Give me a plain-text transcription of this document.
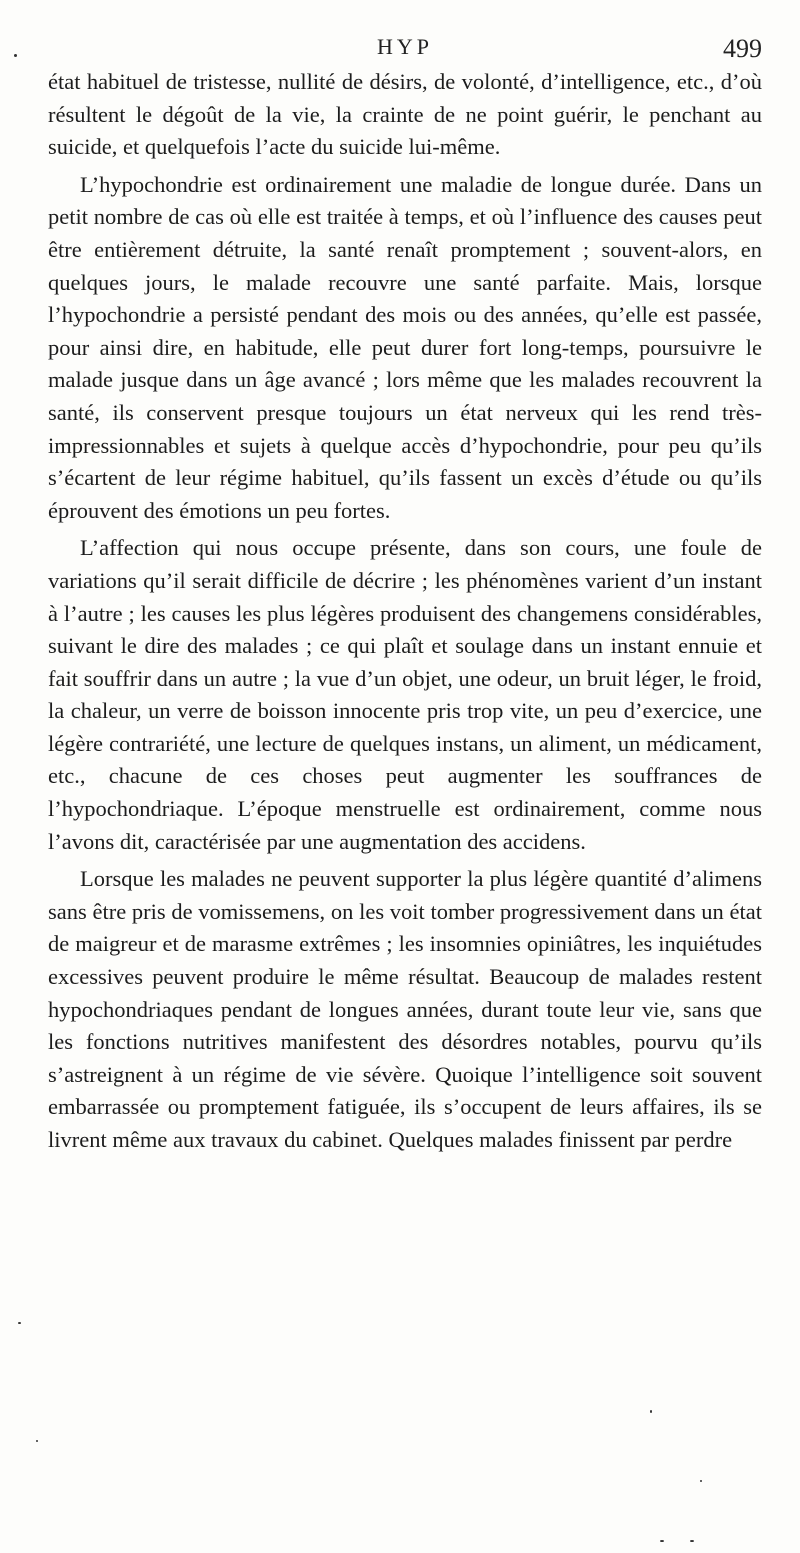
HYP	499

état habituel de tristesse, nullité de désirs, de volonté, d’intelligence, etc., d’où résultent le dégoût de la vie, la crainte de ne point guérir, le penchant au suicide, et quelquefois l’acte du suicide lui-même.

L’hypochondrie est ordinairement une maladie de longue durée. Dans un petit nombre de cas où elle est traitée à temps, et où l’influence des causes peut être entièrement détruite, la santé renaît promptement ; souvent-alors, en quelques jours, le malade recouvre une santé parfaite. Mais, lorsque l’hypochondrie a persisté pendant des mois ou des années, qu’elle est passée, pour ainsi dire, en habitude, elle peut durer fort long-temps, poursuivre le malade jusque dans un âge avancé ; lors même que les malades recouvrent la santé, ils conservent presque toujours un état nerveux qui les rend très-impressionnables et sujets à quelque accès d’hypochondrie, pour peu qu’ils s’écartent de leur régime habituel, qu’ils fassent un excès d’étude ou qu’ils éprouvent des émotions un peu fortes.

L’affection qui nous occupe présente, dans son cours, une foule de variations qu’il serait difficile de décrire ; les phénomènes varient d’un instant à l’autre ; les causes les plus légères produisent des changemens considérables, suivant le dire des malades ; ce qui plaît et soulage dans un instant ennuie et fait souffrir dans un autre ; la vue d’un objet, une odeur, un bruit léger, le froid, la chaleur, un verre de boisson innocente pris trop vite, un peu d’exercice, une légère contrariété, une lecture de quelques instans, un aliment, un médicament, etc., chacune de ces choses peut augmenter les souffrances de l’hypochondriaque. L’époque menstruelle est ordinairement, comme nous l’avons dit, caractérisée par une augmentation des accidens.

Lorsque les malades ne peuvent supporter la plus légère quantité d’alimens sans être pris de vomissemens, on les voit tomber progressivement dans un état de maigreur et de marasme extrêmes ; les insomnies opiniâtres, les inquiétudes excessives peuvent produire le même résultat. Beaucoup de malades restent hypochondriaques pendant de longues années, durant toute leur vie, sans que les fonctions nutritives manifestent des désordres notables, pourvu qu’ils s’astreignent à un régime de vie sévère. Quoique l’intelligence soit souvent embarrassée ou promptement fatiguée, ils s’occupent de leurs affaires, ils se livrent même aux travaux du cabinet. Quelques malades finissent par perdre
